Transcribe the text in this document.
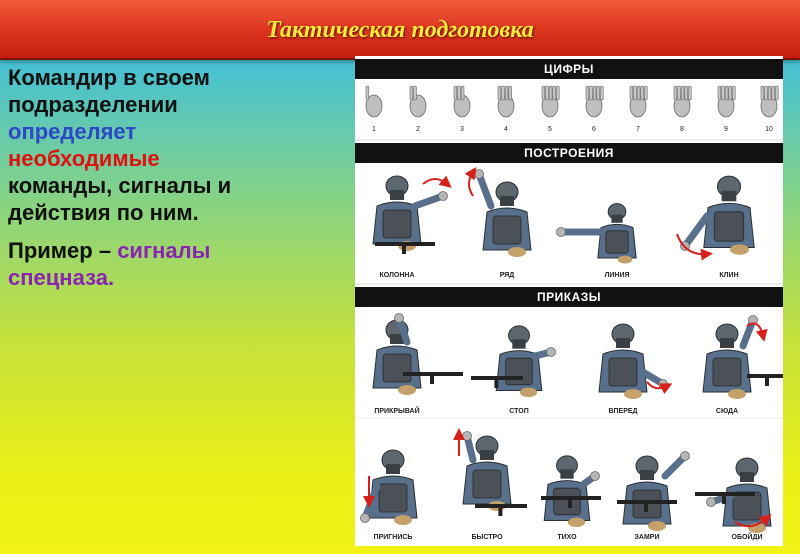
Тактическая подготовка

Командир в своем
подразделении
определяет
необходимые
команды, сигналы и
действия по ним.

Пример – сигналы
спецназа.

ЦИФРЫ
ПОСТРОЕНИЯ
ПРИКАЗЫ
1	2	3	4	5	6	7	8	9	10
КОЛОННА	РЯД	ЛИНИЯ	КЛИН
ПРИКРЫВАЙ	СТОП	ВПЕРЕД	СЮДА
ПРИГНИСЬ	БЫСТРО	ТИХО	ЗАМРИ	ОБОЙДИ
